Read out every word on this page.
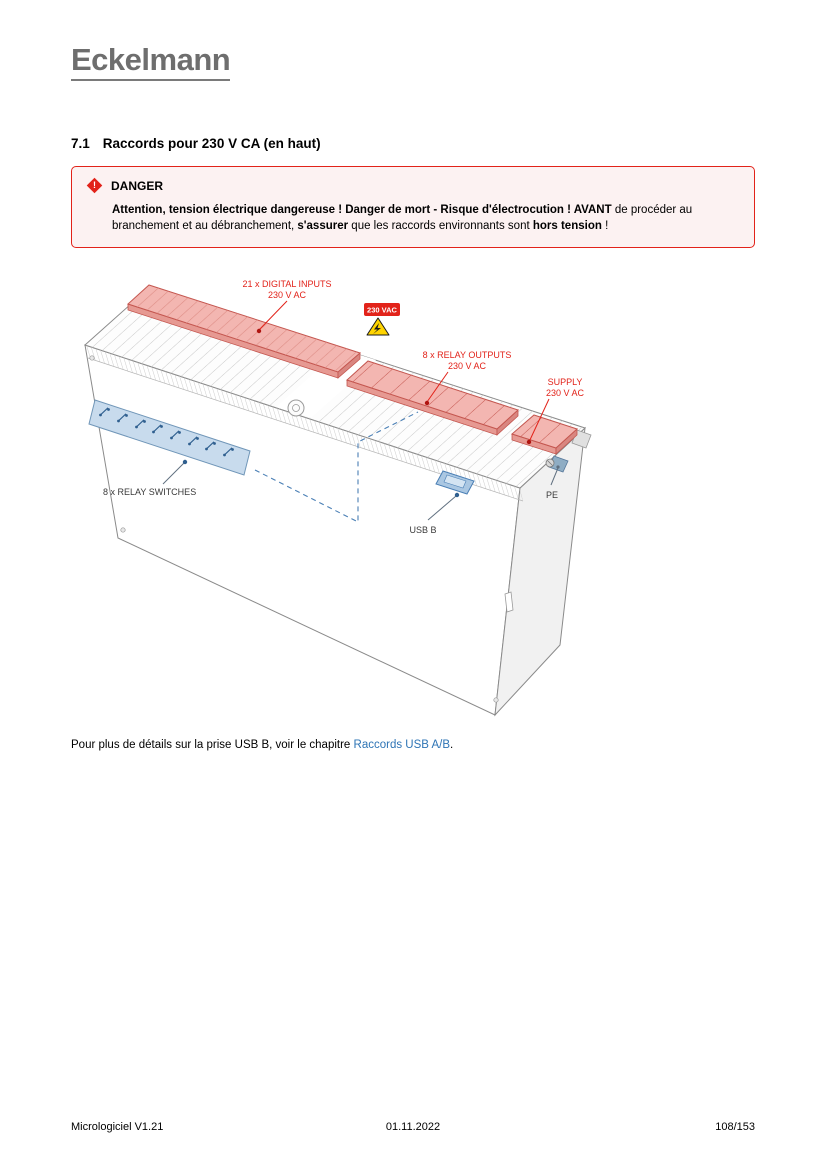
Eckelmann
7.1 Raccords pour 230 V CA (en haut)
!	DANGER

Attention, tension électrique dangereuse ! Danger de mort - Risque d'électrocution ! AVANT de procéder au branchement et au débranchement, s'assurer que les raccords environnants sont hors tension !

230 VAC
21 x DIGITAL INPUTS
230 V AC
8 x RELAY OUTPUTS
230 V AC
SUPPLY
230 V AC
8 x RELAY SWITCHES
USB B
PE

Pour plus de détails sur la prise USB B, voir le chapitre Raccords USB A/B.

01.11.2022
Micrologiciel V1.21	108/153
